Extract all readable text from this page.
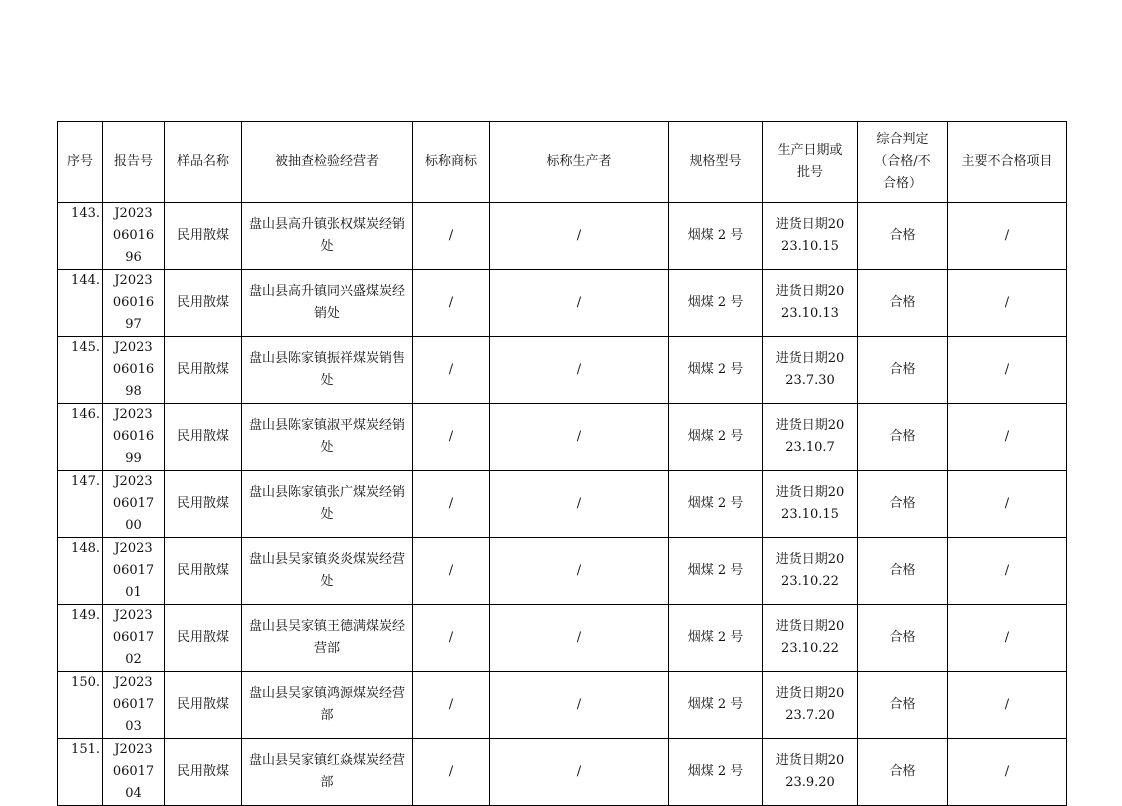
序号	报告号	样品名称	被抽查检验经营者	标称商标	标称生产者	规格型号	生产日期或批号	综合判定（合格/不合格）	主要不合格项目
143.	J20230601696	民用散煤	盘山县高升镇张权煤炭经销处	/	/	烟煤 2 号	进货日期2023.10.15	合格	/
144.	J20230601697	民用散煤	盘山县高升镇同兴盛煤炭经销处	/	/	烟煤 2 号	进货日期2023.10.13	合格	/
145.	J20230601698	民用散煤	盘山县陈家镇振祥煤炭销售处	/	/	烟煤 2 号	进货日期2023.7.30	合格	/
146.	J20230601699	民用散煤	盘山县陈家镇淑平煤炭经销处	/	/	烟煤 2 号	进货日期2023.10.7	合格	/
147.	J20230601700	民用散煤	盘山县陈家镇张广煤炭经销处	/	/	烟煤 2 号	进货日期2023.10.15	合格	/
148.	J20230601701	民用散煤	盘山县吴家镇炎炎煤炭经营处	/	/	烟煤 2 号	进货日期2023.10.22	合格	/
149.	J20230601702	民用散煤	盘山县吴家镇王德满煤炭经营部	/	/	烟煤 2 号	进货日期2023.10.22	合格	/
150.	J20230601703	民用散煤	盘山县吴家镇鸿源煤炭经营部	/	/	烟煤 2 号	进货日期2023.7.20	合格	/
151.	J20230601704	民用散煤	盘山县吴家镇红焱煤炭经营部	/	/	烟煤 2 号	进货日期2023.9.20	合格	/
